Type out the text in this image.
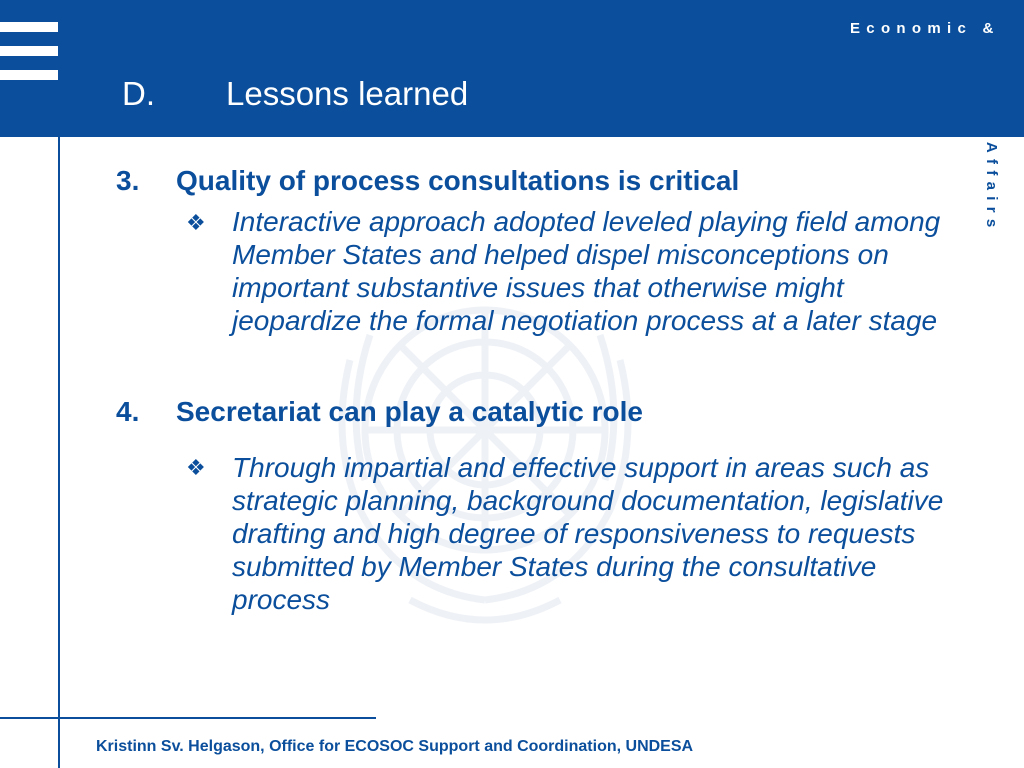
D. Lessons learned
Economic &
Social Affairs
3. Quality of process consultations is critical
❖ Interactive approach adopted leveled playing field among Member States and helped dispel misconceptions on important substantive issues that otherwise might jeopardize the formal negotiation process at a later stage
4. Secretariat can play a catalytic role
❖ Through impartial and effective support in areas such as strategic planning, background documentation, legislative drafting and high degree of responsiveness to requests submitted by Member States during the consultative process
Kristinn Sv. Helgason, Office for ECOSOC Support and Coordination, UNDESA
